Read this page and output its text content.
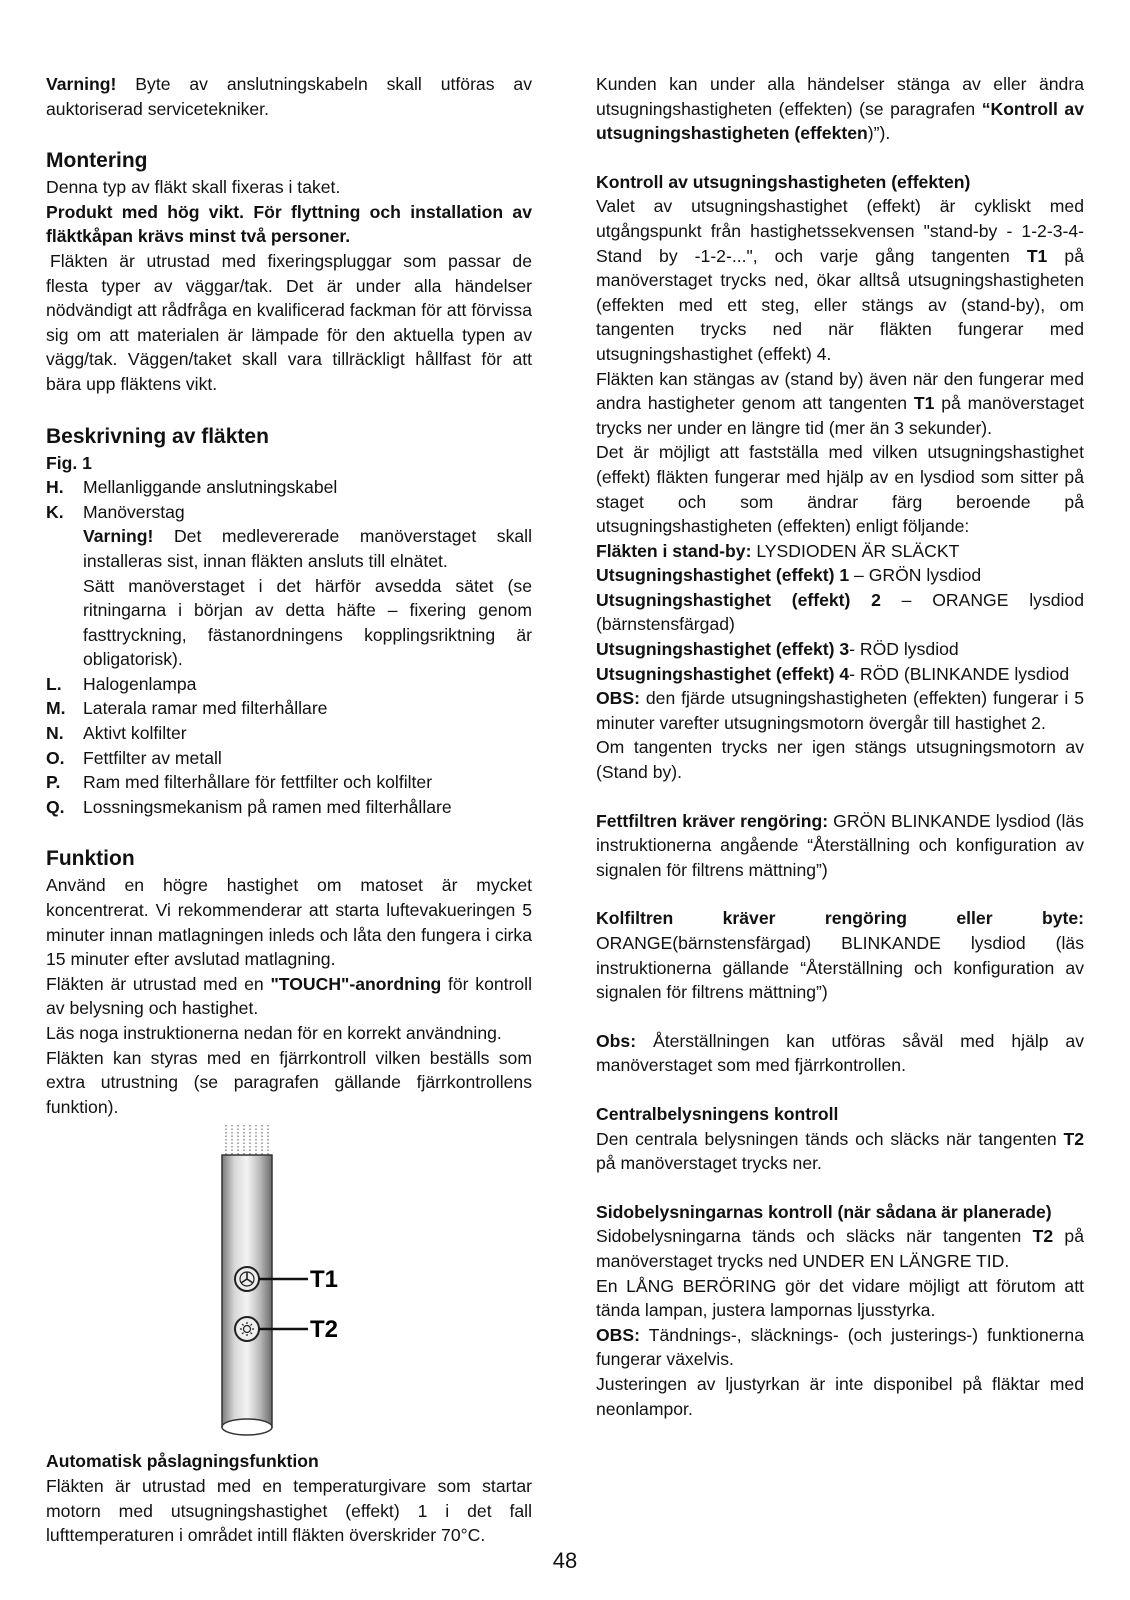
Varning! Byte av anslutningskabeln skall utföras av
auktoriserad servicetekniker.

Montering

Denna typ av fläkt skall fixeras i taket.

Produkt med hög vikt. För flyttning och installation av

fläktkåpan krävs minst två personer.

Fläkten är utrustad med fixeringspluggar som passar de flesta typer av väggar/tak. Det är under alla händelser nödvändigt att rådfråga en kvalificerad fackman för att förvissa sig om att materialen är lämpade för den aktuella typen av vägg/tak. Väggen/taket skall vara tillräckligt hållfast för att bära upp fläktens vikt.

Beskrivning av fläkten

Fig. 1

H.	Mellanliggande anslutningskabel
K.	Manöverstag

Varning! Det medlevererade manöverstaget skall installeras sist, innan fläkten ansluts till elnätet.

Sätt manöverstaget i det härför avsedda sätet (se ritningarna i början av detta häfte – fixering genom fasttryckning, fästanordningens kopplingsriktning är obligatorisk).

L.	Halogenlampa
M. Laterala ramar med filterhållare
N.	Aktivt kolfilter
O.	Fettfilter av metall
P.	Ram med filterhållare för fettfilter och kolfilter
Q.	Lossningsmekanism på ramen med filterhållare
Funktion

Använd en högre hastighet om matoset är mycket koncentrerat. Vi rekommenderar att starta luftevakueringen 5 minuter innan matlagningen inleds och låta den fungera i cirka 15 minuter efter avslutad matlagning.

Fläkten är utrustad med en "TOUCH"-anordning för kontroll av belysning och hastighet.

Läs noga instruktionerna nedan för en korrekt användning.

Fläkten kan styras med en fjärrkontroll vilken beställs som extra utrustning (se paragrafen gällande fjärrkontrollens funktion).

T1
T2

Automatisk påslagningsfunktion

Fläkten är utrustad med en temperaturgivare som startar motorn med utsugningshastighet (effekt) 1 i det fall lufttemperaturen i området intill fläkten överskrider 70°C.

Kunden kan under alla händelser stänga av eller ändra utsugningshastigheten (effekten) (se paragrafen “Kontroll av utsugningshastigheten (effekten)”).

Kontroll av utsugningshastigheten (effekten)

Valet av utsugningshastighet (effekt) är cykliskt med utgångspunkt från hastighetssekvensen "stand-by - 1-2-3-4-Stand by -1-2-...", och varje gång tangenten T1 på manöverstaget trycks ned, ökar alltså utsugningshastigheten (effekten med ett steg, eller stängs av (stand-by), om tangenten trycks ned när fläkten fungerar med utsugningshastighet (effekt) 4.

Fläkten kan stängas av (stand by) även när den fungerar med andra hastigheter genom att tangenten T1 på manöverstaget trycks ner under en längre tid (mer än 3 sekunder).

Det är möjligt att fastställa med vilken utsugningshastighet (effekt) fläkten fungerar med hjälp av en lysdiod som sitter på staget och som ändrar färg beroende på utsugningshastigheten (effekten) enligt följande:

Fläkten i stand-by: LYSDIODEN ÄR SLÄCKT

Utsugningshastighet (effekt) 1 – GRÖN lysdiod

Utsugningshastighet (effekt) 2 – ORANGE lysdiod (bärnstensfärgad)

Utsugningshastighet (effekt) 3- RÖD lysdiod

Utsugningshastighet (effekt) 4- RÖD (BLINKANDE lysdiod

OBS: den fjärde utsugningshastigheten (effekten) fungerar i 5 minuter varefter utsugningsmotorn övergår till hastighet 2.

Om tangenten trycks ner igen stängs utsugningsmotorn av (Stand by).

Fettfiltren kräver rengöring: GRÖN BLINKANDE lysdiod (läs instruktionerna angående “Återställning och konfiguration av signalen för filtrens mättning”)

Kolfiltren kräver rengöring eller byte: ORANGE(bärnstensfärgad) BLINKANDE lysdiod (läs instruktionerna gällande “Återställning och konfiguration av signalen för filtrens mättning”)

Obs: Återställningen kan utföras såväl med hjälp av manöverstaget som med fjärrkontrollen.

Centralbelysningens kontroll

Den centrala belysningen tänds och släcks när tangenten T2 på manöverstaget trycks ner.

Sidobelysningarnas kontroll (när sådana är planerade)

Sidobelysningarna tänds och släcks när tangenten T2 på manöverstaget trycks ned UNDER EN LÄNGRE TID.

En LÅNG BERÖRING gör det vidare möjligt att förutom att tända lampan, justera lampornas ljusstyrka.

OBS: Tändnings-, släcknings- (och justerings-) funktionerna fungerar växelvis.

Justeringen av ljustyrkan är inte disponibel på fläktar med neonlampor.

48
